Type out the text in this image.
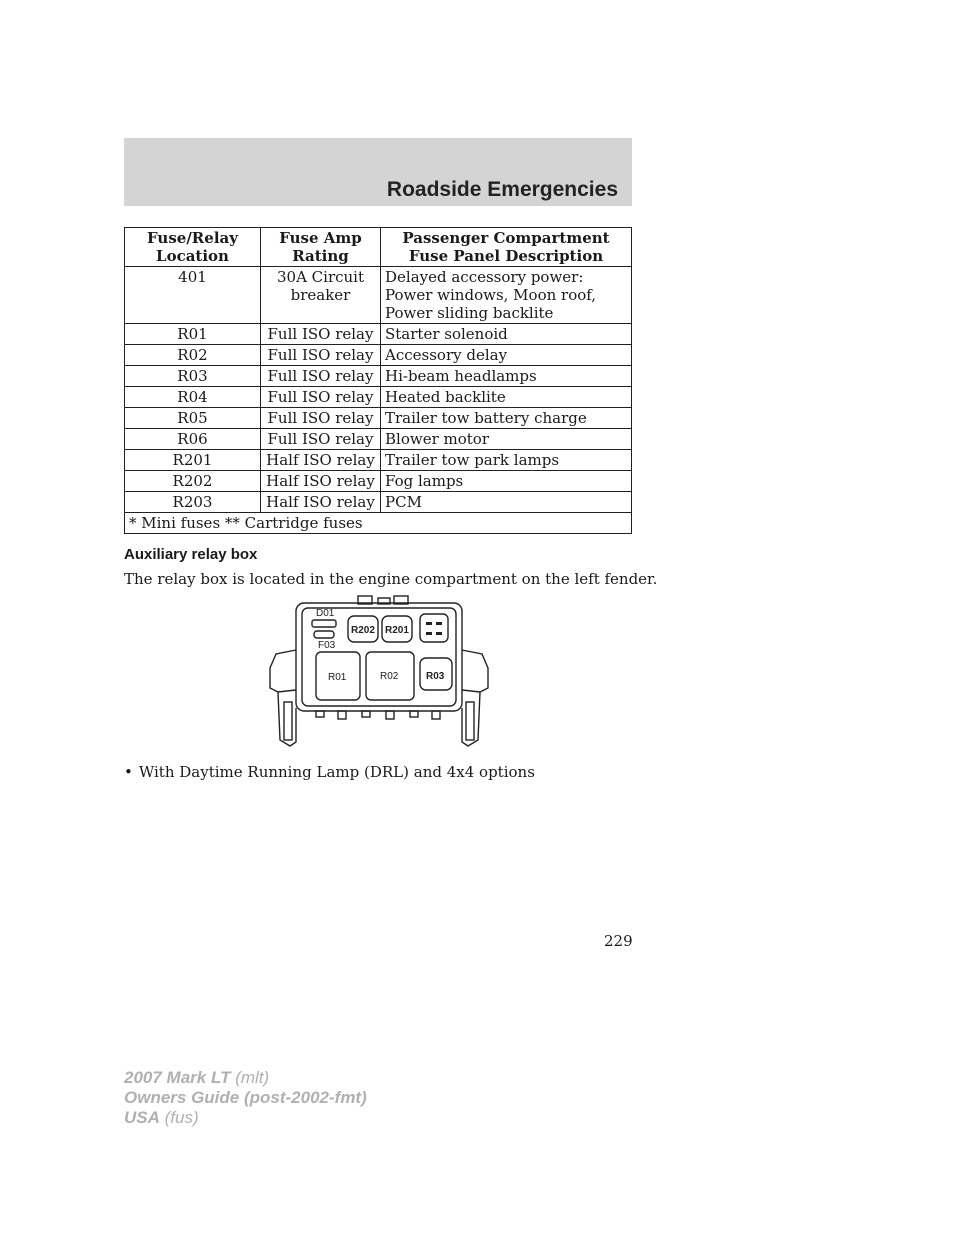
Roadside Emergencies
Fuse/Relay Location	Fuse Amp Rating	Passenger Compartment Fuse Panel Description
401	30A Circuit breaker	Delayed accessory power: Power windows, Moon roof, Power sliding backlite
R01	Full ISO relay	Starter solenoid
R02	Full ISO relay	Accessory delay
R03	Full ISO relay	Hi-beam headlamps
R04	Full ISO relay	Heated backlite
R05	Full ISO relay	Trailer tow battery charge
R06	Full ISO relay	Blower motor
R201	Half ISO relay	Trailer tow park lamps
R202	Half ISO relay	Fog lamps
R203	Half ISO relay	PCM
* Mini fuses ** Cartridge fuses		
Auxiliary relay box
The relay box is located in the engine compartment on the left fender.
D01
F03
R202 R201
R01	R02	R03
• With Daytime Running Lamp (DRL) and 4x4 options
229
2007 Mark LT (mlt)
Owners Guide (post-2002-fmt)
USA (fus)
